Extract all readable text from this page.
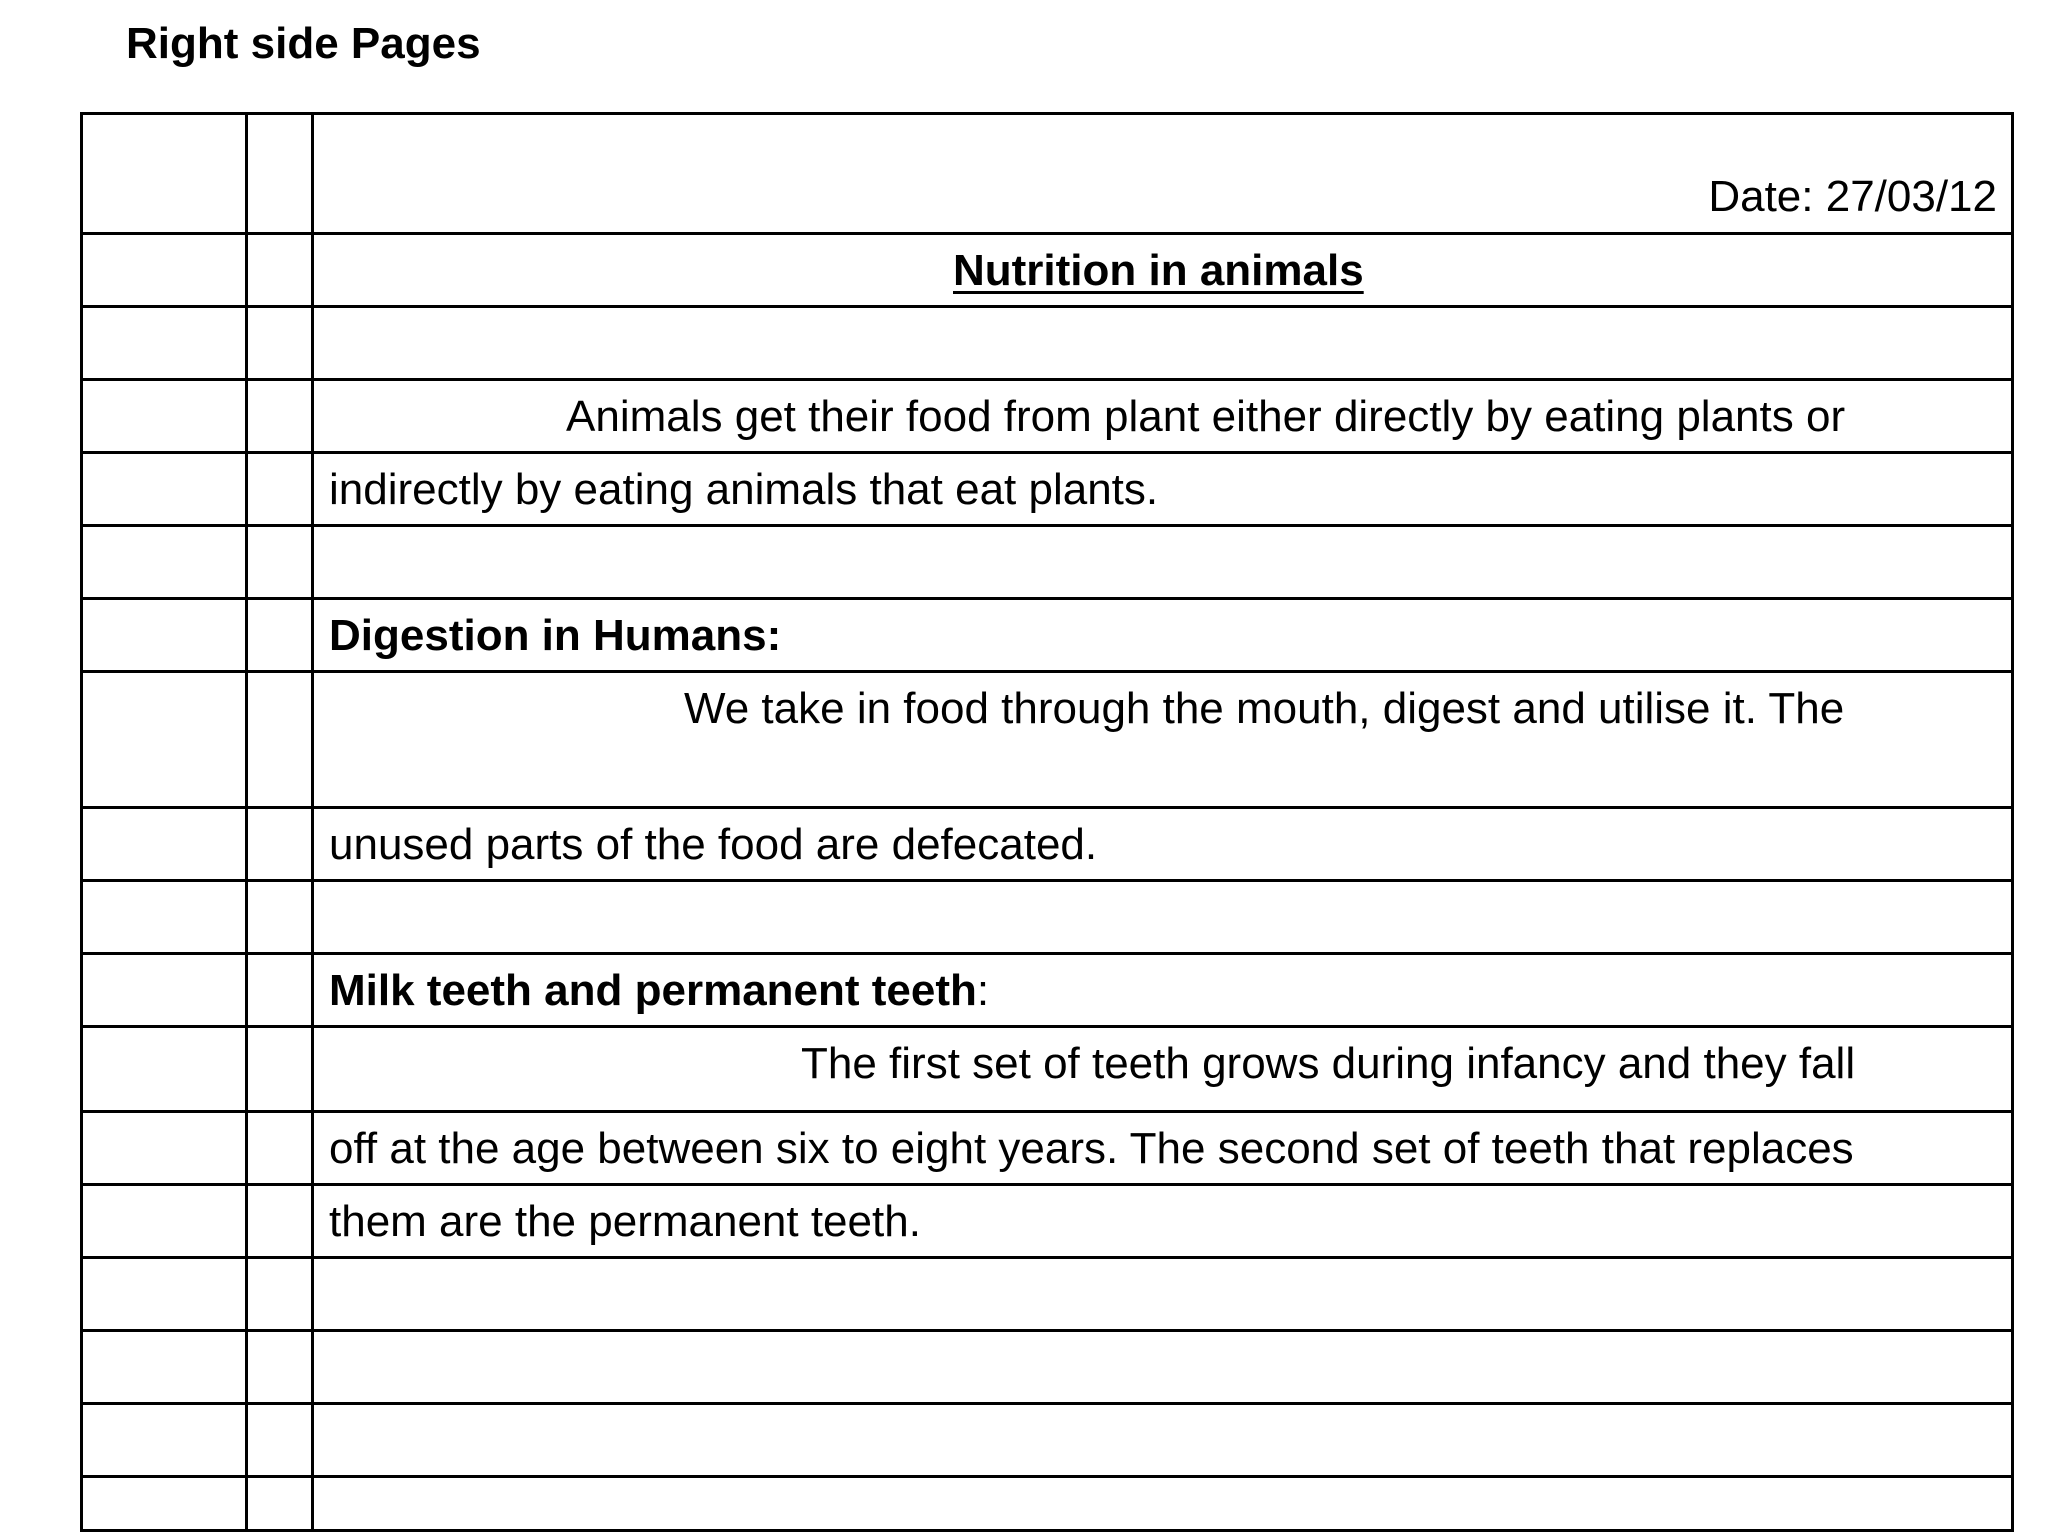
Right side Pages
Date: 27/03/12
Nutrition in animals
Animals get their food from plant either directly by eating plants or
indirectly by eating animals that eat plants.
Digestion in Humans:
We take in food through the mouth, digest and utilise it. The
unused parts of the food are defecated.
Milk teeth and permanent teeth:
The first set of teeth grows during infancy and they fall
off at the age between six to eight years. The second set of teeth that replaces
them are the permanent teeth.
